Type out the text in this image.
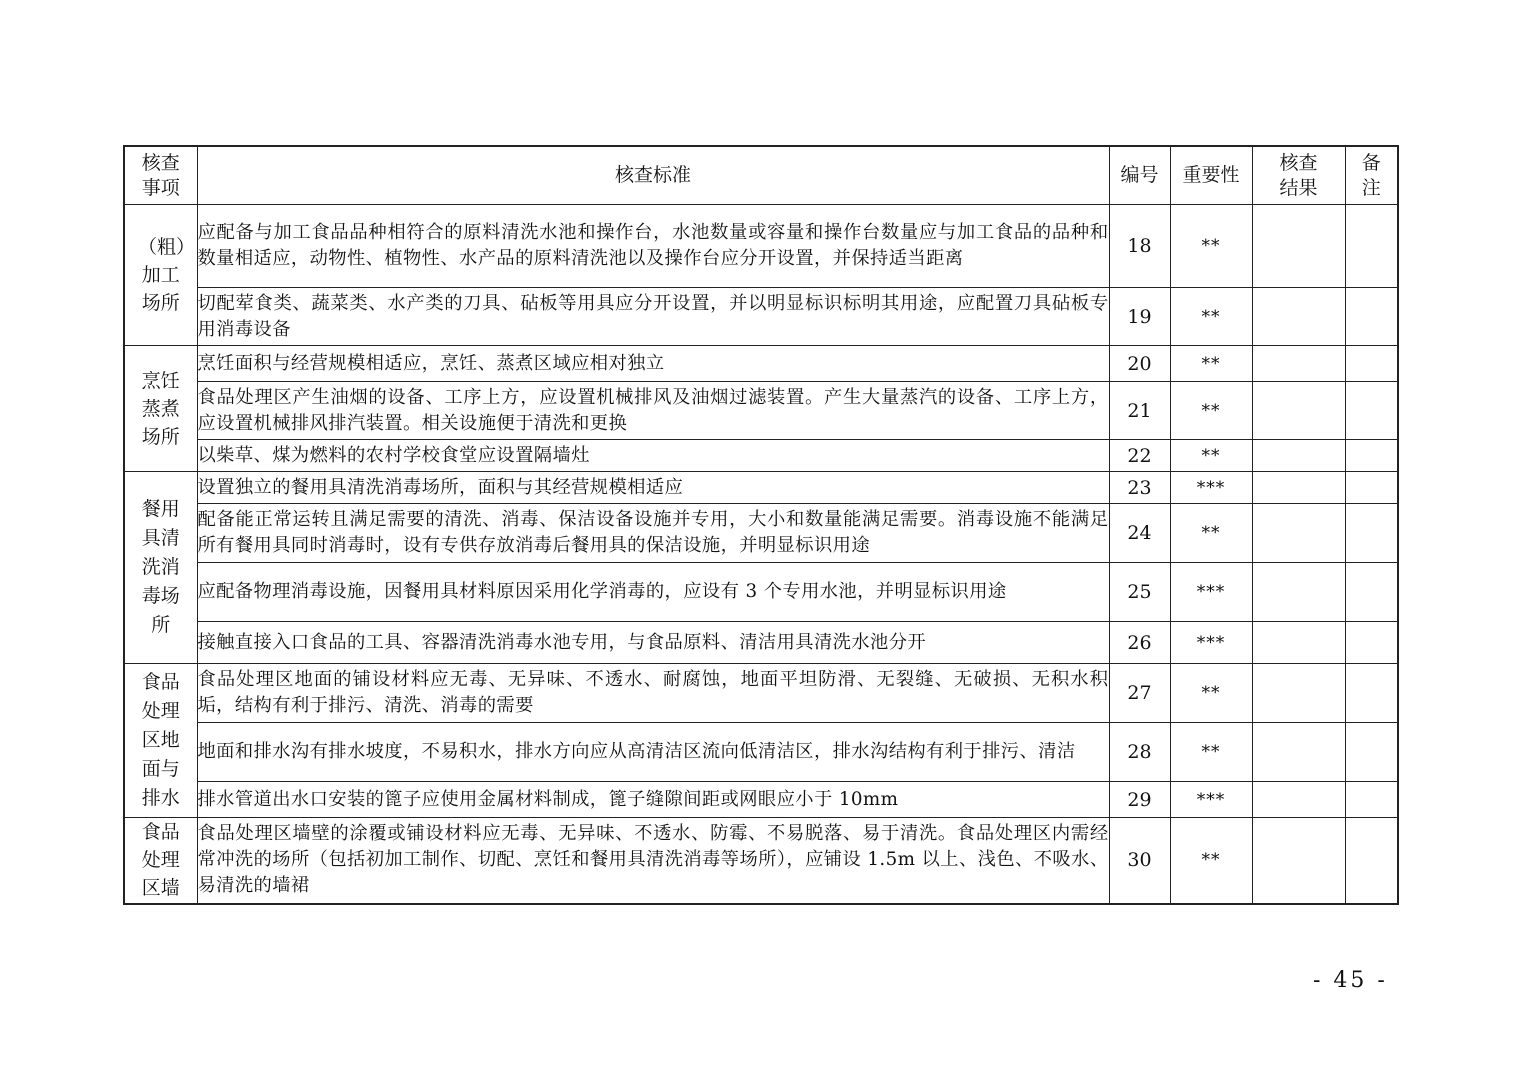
核查事项	核查标准	编号	重要性	核查结果	备注

（粗）加工场所	应配备与加工食品品种相符合的原料清洗水池和操作台，水池数量或容量和操作台数量应与加工食品的品种和数量相适应，动物性、植物性、水产品的原料清洗池以及操作台应分开设置，并保持适当距离	18	**		
	切配荤食类、蔬菜类、水产类的刀具、砧板等用具应分开设置，并以明显标识标明其用途，应配置刀具砧板专用消毒设备	19	**		

烹饪蒸煮场所	烹饪面积与经营规模相适应，烹饪、蒸煮区域应相对独立	20	**		
	食品处理区产生油烟的设备、工序上方，应设置机械排风及油烟过滤装置。产生大量蒸汽的设备、工序上方，应设置机械排风排汽装置。相关设施便于清洗和更换	21	**		
	以柴草、煤为燃料的农村学校食堂应设置隔墙灶	22	**		

餐用具清洗消毒场所	设置独立的餐用具清洗消毒场所，面积与其经营规模相适应	23	***		
	配备能正常运转且满足需要的清洗、消毒、保洁设备设施并专用，大小和数量能满足需要。消毒设施不能满足所有餐用具同时消毒时，设有专供存放消毒后餐用具的保洁设施，并明显标识用途	24	**		
	应配备物理消毒设施，因餐用具材料原因采用化学消毒的，应设有 3 个专用水池，并明显标识用途	25	***		
	接触直接入口食品的工具、容器清洗消毒水池专用，与食品原料、清洁用具清洗水池分开	26	***		

食品处理区地面与排水	食品处理区地面的铺设材料应无毒、无异味、不透水、耐腐蚀，地面平坦防滑、无裂缝、无破损、无积水积垢，结构有利于排污、清洗、消毒的需要	27	**		
	地面和排水沟有排水坡度，不易积水，排水方向应从高清洁区流向低清洁区，排水沟结构有利于排污、清洁	28	**		
	排水管道出水口安装的篦子应使用金属材料制成，篦子缝隙间距或网眼应小于 10mm	29	***		

食品处理区墙	食品处理区墙壁的涂覆或铺设材料应无毒、无异味、不透水、防霉、不易脱落、易于清洗。食品处理区内需经常冲洗的场所（包括初加工制作、切配、烹饪和餐用具清洗消毒等场所），应铺设 1.5m 以上、浅色、不吸水、易清洗的墙裙	30	**		
- 45 -
